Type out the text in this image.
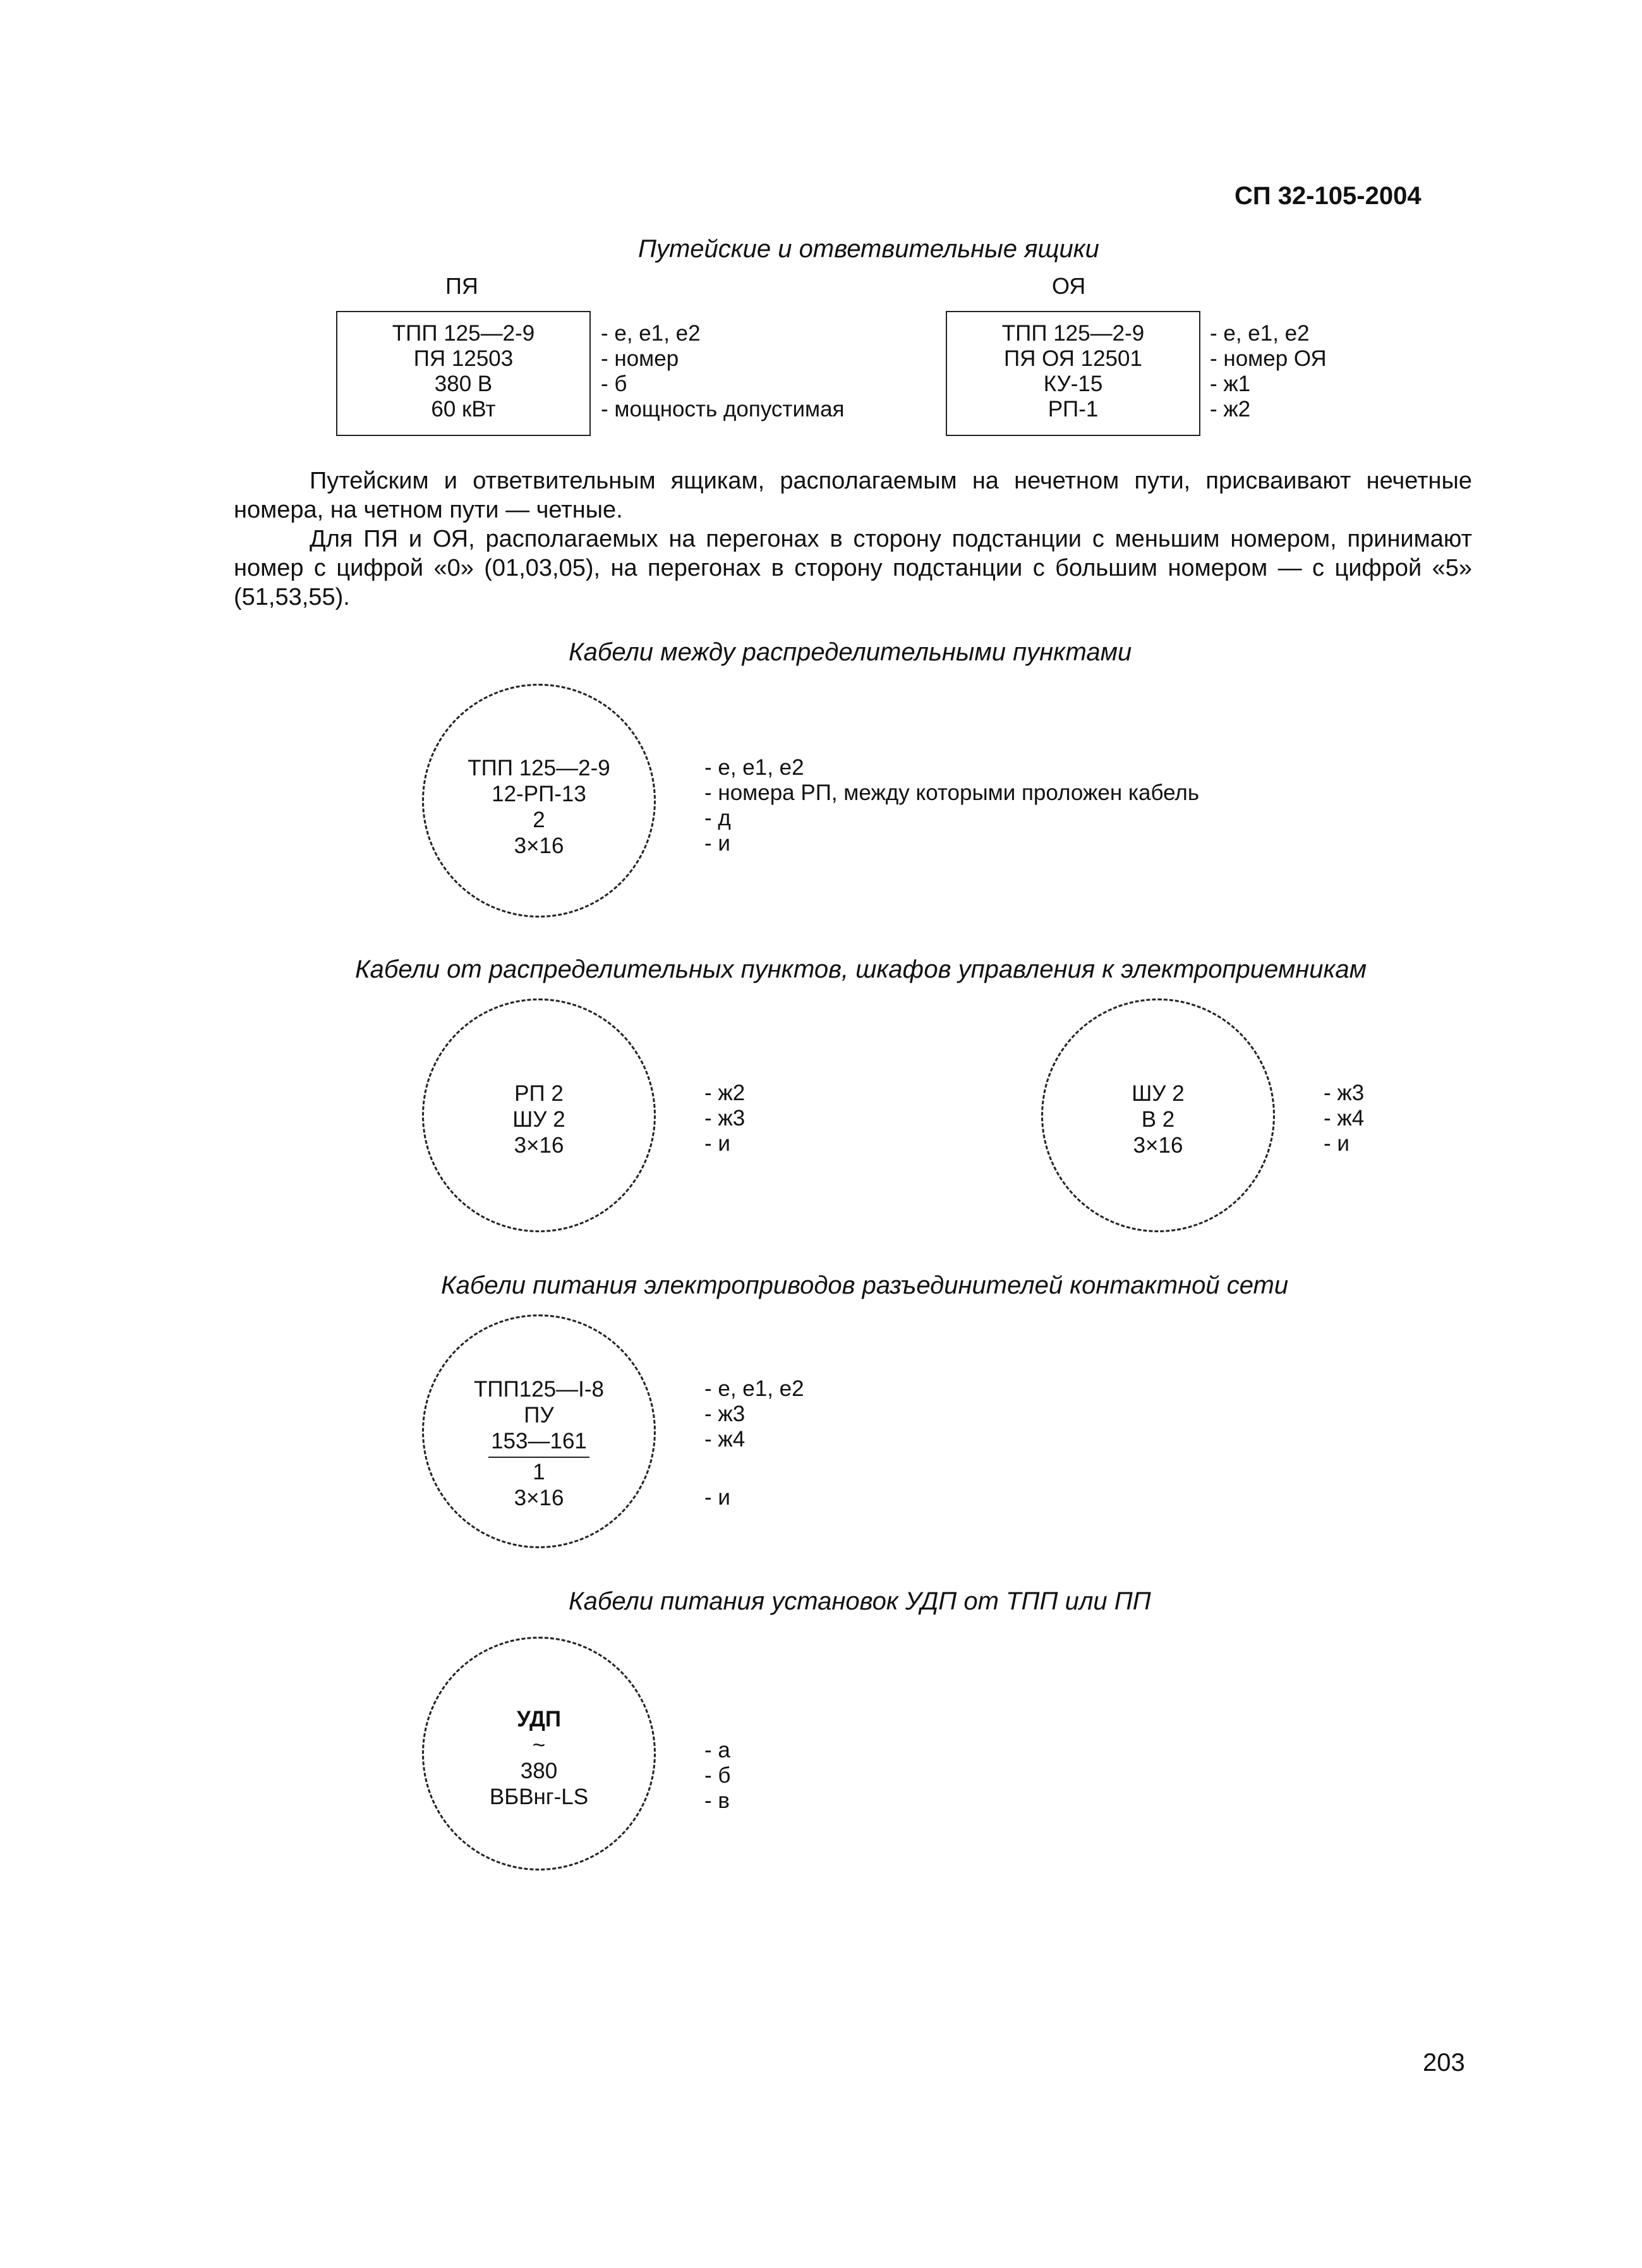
СП 32-105-2004
Путейские и ответвительные ящики
ПЯ	ОЯ
ТПП 125—2-9
ПЯ 12503
380 В
60 кВт
- е, е1, е2
- номер
- б
- мощность допустимая
ТПП 125—2-9
ПЯ ОЯ 12501
КУ-15
РП-1
- е, е1, е2
- номер ОЯ
- ж1
- ж2
Путейским и ответвительным ящикам, располагаемым на нечетном пути, присваивают нечетные номера, на четном пути — четные.
Для ПЯ и ОЯ, располагаемых на перегонах в сторону подстанции с меньшим номером, принимают номер с цифрой «0» (01,03,05), на перегонах в сторону подстанции с большим номером — с цифрой «5» (51,53,55).
Кабели между распределительными пунктами
ТПП 125—2-9
12-РП-13
2
3×16
- е, е1, е2
- номера РП, между которыми проложен кабель
- д
- и
Кабели от распределительных пунктов, шкафов управления к электроприемникам
РП 2
ШУ 2
3×16
- ж2
- ж3
- и
ШУ 2
В 2
3×16
- ж3
- ж4
- и
Кабели питания электроприводов разъединителей контактной сети
ТПП125—I-8
ПУ
153—161
1
3×16
- е, е1, е2
- ж3
- ж4
- и
Кабели питания установок УДП от ТПП или ПП
УДП
~
380
ВБВнг-LS
- а
- б
- в
203
